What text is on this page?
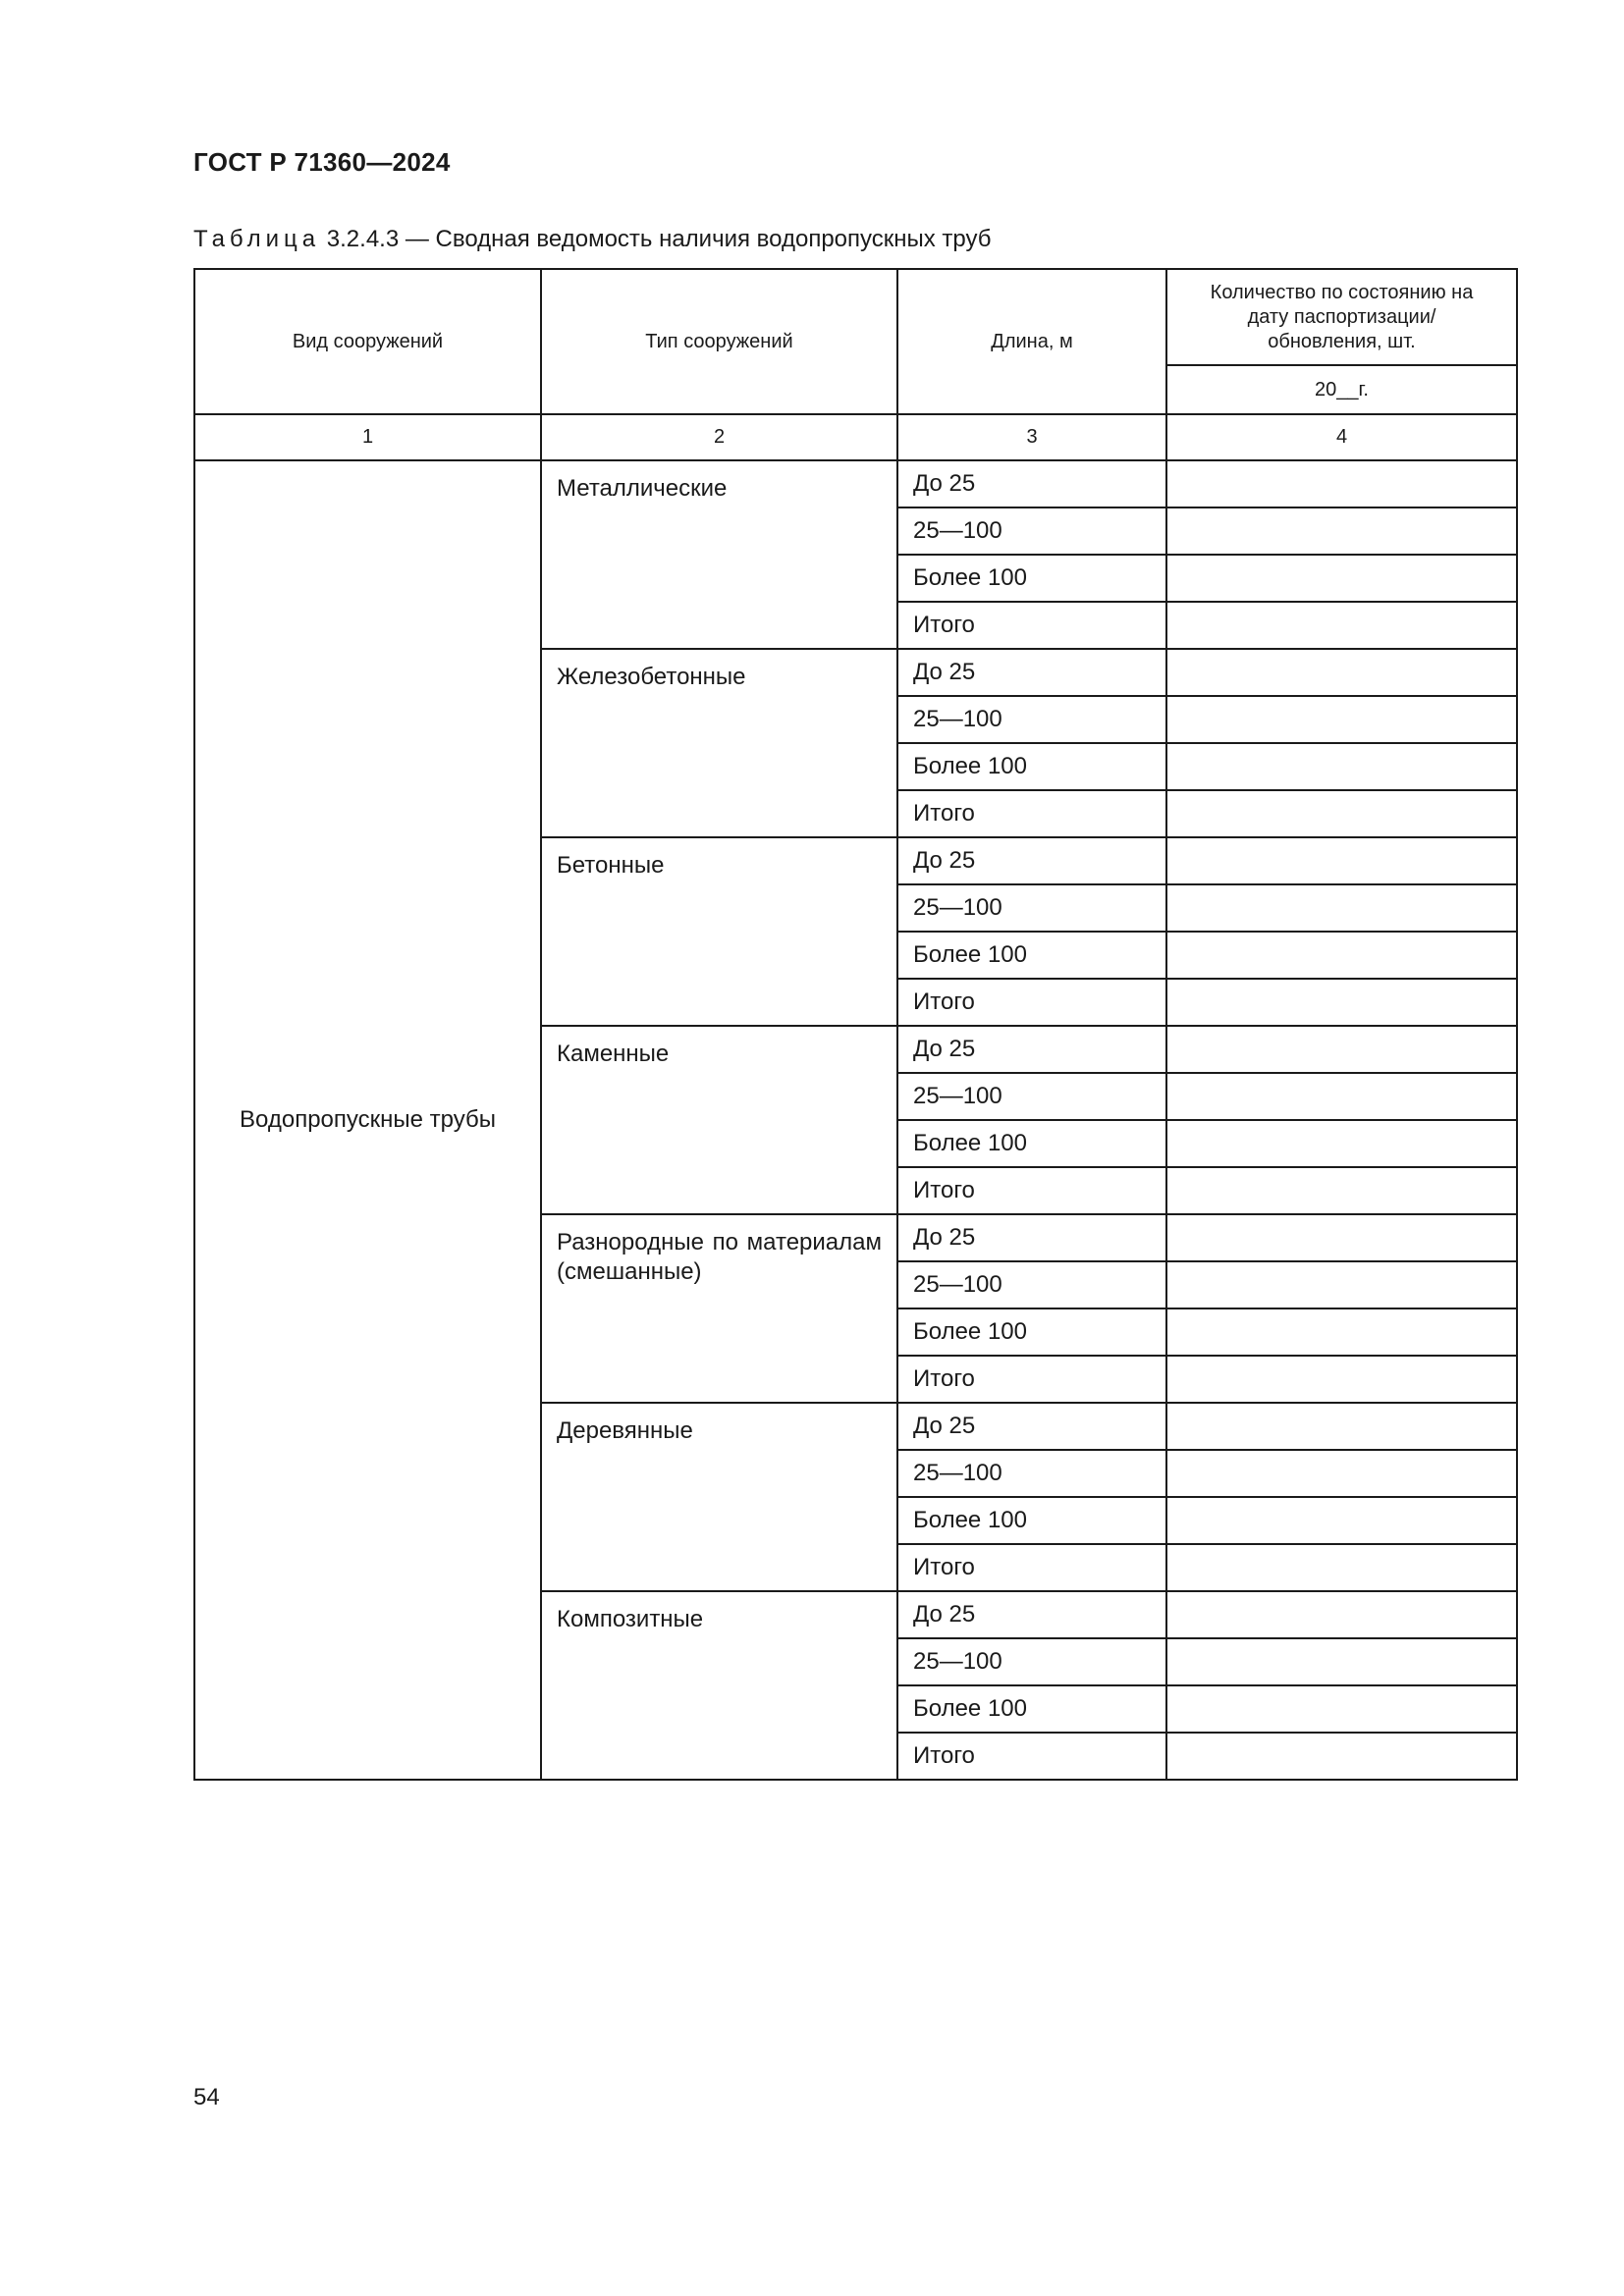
ГОСТ Р 71360—2024
Таблица 3.2.4.3 — Сводная ведомость наличия водопропускных труб
Вид сооружений	Тип сооружений	Длина, м	Количество по состоянию на дату паспортизации/ обновления, шт.
			20__г.
1	2	3	4
Водопропускные трубы	Металлические	До 25	
		25—100	
		Более 100	
		Итого	
	Железобетонные	До 25	
		25—100	
		Более 100	
		Итого	
	Бетонные	До 25	
		25—100	
		Более 100	
		Итого	
	Каменные	До 25	
		25—100	
		Более 100	
		Итого	
	Разнородные по материалам (смешанные)	До 25	
		25—100	
		Более 100	
		Итого	
	Деревянные	До 25	
		25—100	
		Более 100	
		Итого	
	Композитные	До 25	
		25—100	
		Более 100	
		Итого	
54
